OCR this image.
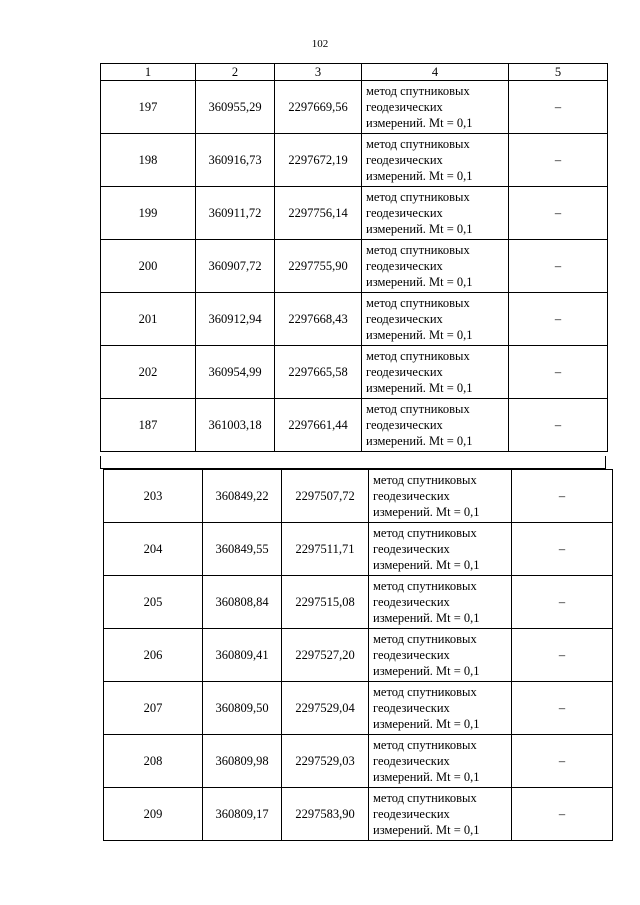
102
1	2	3	4	5
197	360955,29	2297669,56	метод спутниковых
геодезических
измерений. Mt = 0,1	–
198	360916,73	2297672,19	метод спутниковых
геодезических
измерений. Mt = 0,1	–
199	360911,72	2297756,14	метод спутниковых
геодезических
измерений. Mt = 0,1	–
200	360907,72	2297755,90	метод спутниковых
геодезических
измерений. Mt = 0,1	–
201	360912,94	2297668,43	метод спутниковых
геодезических
измерений. Mt = 0,1	–
202	360954,99	2297665,58	метод спутниковых
геодезических
измерений. Mt = 0,1	–
187	361003,18	2297661,44	метод спутниковых
геодезических
измерений. Mt = 0,1	–
203	360849,22	2297507,72	метод спутниковых
геодезических
измерений. Mt = 0,1	–
204	360849,55	2297511,71	метод спутниковых
геодезических
измерений. Mt = 0,1	–
205	360808,84	2297515,08	метод спутниковых
геодезических
измерений. Mt = 0,1	–
206	360809,41	2297527,20	метод спутниковых
геодезических
измерений. Mt = 0,1	–
207	360809,50	2297529,04	метод спутниковых
геодезических
измерений. Mt = 0,1	–
208	360809,98	2297529,03	метод спутниковых
геодезических
измерений. Mt = 0,1	–
209	360809,17	2297583,90	метод спутниковых
геодезических
измерений. Mt = 0,1	–
